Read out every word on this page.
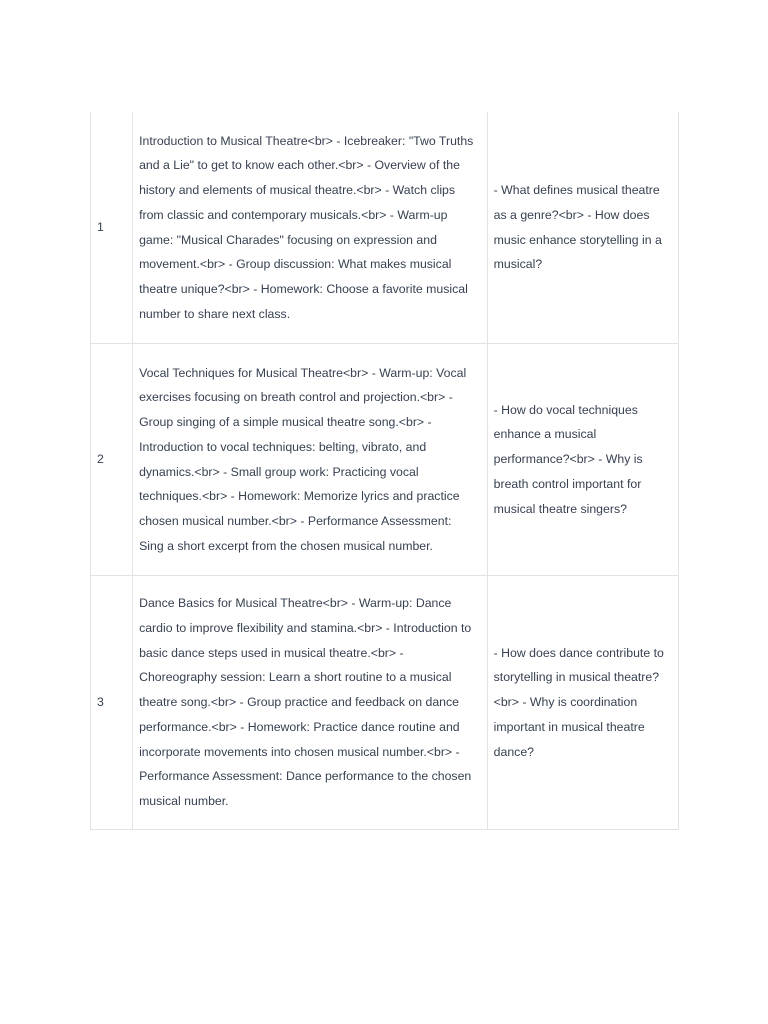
1	Introduction to Musical Theatre<br> - Icebreaker: "Two Truths and a Lie" to get to know each other.<br> - Overview of the history and elements of musical theatre.<br> - Watch clips from classic and contemporary musicals.<br> - Warm-up game: "Musical Charades" focusing on expression and movement.<br> - Group discussion: What makes musical theatre unique?<br> - Homework: Choose a favorite musical number to share next class.	- What defines musical theatre as a genre?<br> - How does music enhance storytelling in a musical?
2	Vocal Techniques for Musical Theatre<br> - Warm-up: Vocal exercises focusing on breath control and projection.<br> - Group singing of a simple musical theatre song.<br> - Introduction to vocal techniques: belting, vibrato, and dynamics.<br> - Small group work: Practicing vocal techniques.<br> - Homework: Memorize lyrics and practice chosen musical number.<br> - Performance Assessment: Sing a short excerpt from the chosen musical number.	- How do vocal techniques enhance a musical performance?<br> - Why is breath control important for musical theatre singers?
3	Dance Basics for Musical Theatre<br> - Warm-up: Dance cardio to improve flexibility and stamina.<br> - Introduction to basic dance steps used in musical theatre.<br> - Choreography session: Learn a short routine to a musical theatre song.<br> - Group practice and feedback on dance performance.<br> - Homework: Practice dance routine and incorporate movements into chosen musical number.<br> - Performance Assessment: Dance performance to the chosen musical number.	- How does dance contribute to storytelling in musical theatre?<br> - Why is coordination important in musical theatre dance?
